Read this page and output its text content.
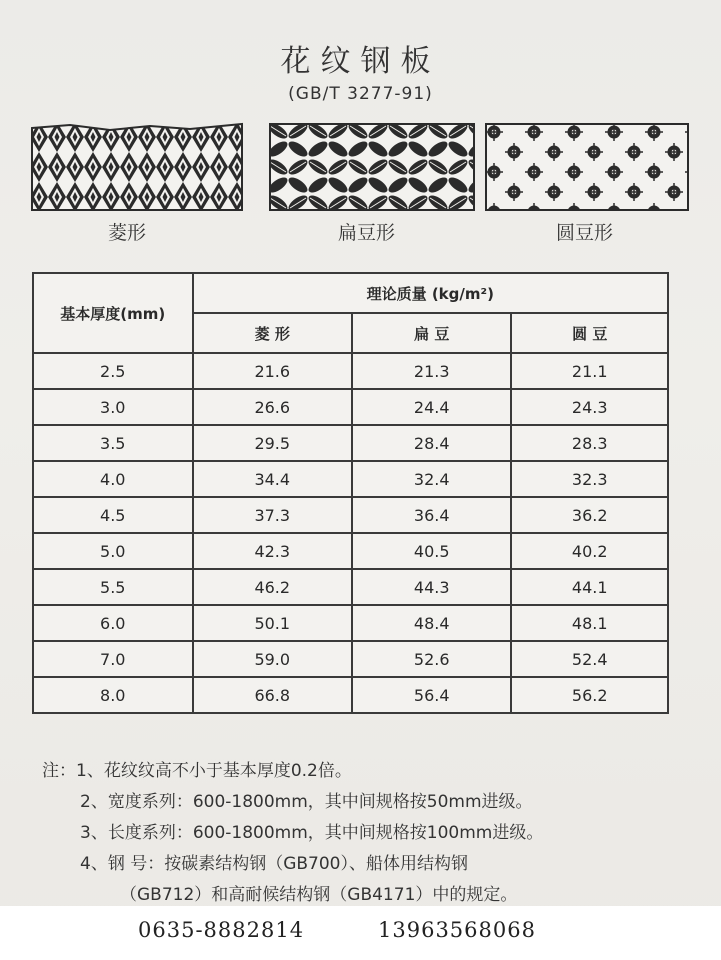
花纹钢板
(GB/T 3277-91)
菱形	扁豆形	圆豆形
基本厚度(mm)	理论质量 (kg/m²)		
	菱 形	扁 豆	圆 豆
2.5	21.6	21.3	21.1
3.0	26.6	24.4	24.3
3.5	29.5	28.4	28.3
4.0	34.4	32.4	32.3
4.5	37.3	36.4	36.2
5.0	42.3	40.5	40.2
5.5	46.2	44.3	44.1
6.0	50.1	48.4	48.1
7.0	59.0	52.6	52.4
8.0	66.8	56.4	56.2
注：1、花纹纹高不小于基本厚度0.2倍。
2、宽度系列：600-1800mm，其中间规格按50mm进级。
3、长度系列：600-1800mm，其中间规格按100mm进级。
4、钢 号：按碳素结构钢（GB700）、船体用结构钢
（GB712）和高耐候结构钢（GB4171）中的规定。
0635-8882814	13963568068
